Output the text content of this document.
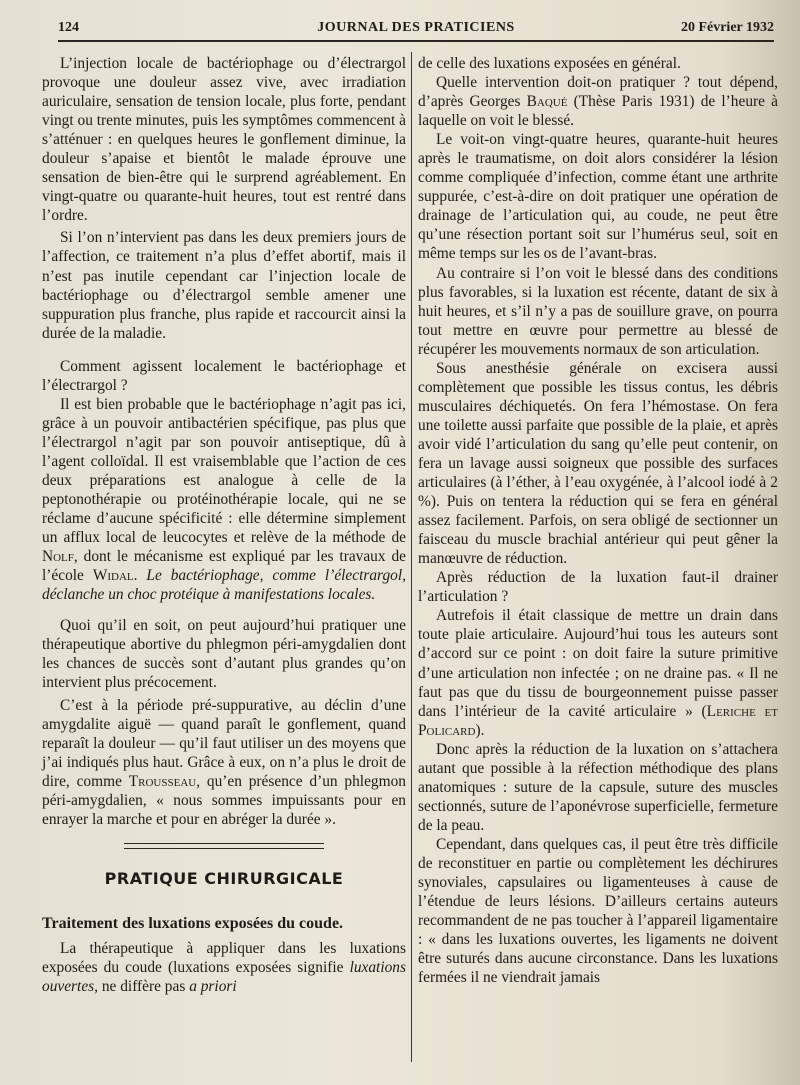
124	JOURNAL DES PRATICIENS	20 Février 1932

L’injection locale de bactériophage ou d’électrargol provoque une douleur assez vive, avec irradiation auriculaire, sensation de tension locale, plus forte, pendant vingt ou trente minutes, puis les symptômes commencent à s’atténuer : en quelques heures le gonflement diminue, la douleur s’apaise et bientôt le malade éprouve une sensation de bien-être qui le surprend agréablement. En vingt-quatre ou quarante-huit heures, tout est rentré dans l’ordre.

Si l’on n’intervient pas dans les deux premiers jours de l’affection, ce traitement n’a plus d’effet abortif, mais il n’est pas inutile cependant car l’injection locale de bactériophage ou d’électrargol semble amener une suppuration plus franche, plus rapide et raccourcit ainsi la durée de la maladie.

Comment agissent localement le bactériophage et l’électrargol ?

Il est bien probable que le bactériophage n’agit pas ici, grâce à un pouvoir antibactérien spécifique, pas plus que l’électrargol n’agit par son pouvoir antiseptique, dû à l’agent colloïdal. Il est vraisemblable que l’action de ces deux préparations est analogue à celle de la peptonothérapie ou protéinothérapie locale, qui ne se réclame d’aucune spécificité : elle détermine simplement un afflux local de leucocytes et relève de la méthode de Nolf, dont le mécanisme est expliqué par les travaux de l’école Widal. Le bactériophage, comme l’électrargol, déclanche un choc protéique à manifestations locales.

Quoi qu’il en soit, on peut aujourd’hui pratiquer une thérapeutique abortive du phlegmon péri-amygdalien dont les chances de succès sont d’autant plus grandes qu’on intervient plus précocement.

C’est à la période pré-suppurative, au déclin d’une amygdalite aiguë — quand paraît le gonflement, quand reparaît la douleur — qu’il faut utiliser un des moyens que j’ai indiqués plus haut. Grâce à eux, on n’a plus le droit de dire, comme Trousseau, qu’en présence d’un phlegmon péri-amygdalien, « nous sommes impuissants pour en enrayer la marche et pour en abréger la durée ».

PRATIQUE CHIRURGICALE
Traitement des luxations exposées du coude.

La thérapeutique à appliquer dans les luxations exposées du coude (luxations exposées signifie luxations ouvertes, ne diffère pas a priori

de celle des luxations exposées en général.

Quelle intervention doit-on pratiquer ? tout dépend, d’après Georges Baqué (Thèse Paris 1931) de l’heure à laquelle on voit le blessé.

Le voit-on vingt-quatre heures, quarante-huit heures après le traumatisme, on doit alors considérer la lésion comme compliquée d’infection, comme étant une arthrite suppurée, c’est-à-dire on doit pratiquer une opération de drainage de l’articulation qui, au coude, ne peut être qu’une résection portant soit sur l’humérus seul, soit en même temps sur les os de l’avant-bras.

Au contraire si l’on voit le blessé dans des conditions plus favorables, si la luxation est récente, datant de six à huit heures, et s’il n’y a pas de souillure grave, on pourra tout mettre en œuvre pour permettre au blessé de récupérer les mouvements normaux de son articulation.

Sous anesthésie générale on excisera aussi complètement que possible les tissus contus, les débris musculaires déchiquetés. On fera l’hémostase. On fera une toilette aussi parfaite que possible de la plaie, et après avoir vidé l’articulation du sang qu’elle peut contenir, on fera un lavage aussi soigneux que possible des surfaces articulaires (à l’éther, à l’eau oxygénée, à l’alcool iodé à 2 %). Puis on tentera la réduction qui se fera en général assez facilement. Parfois, on sera obligé de sectionner un faisceau du muscle brachial antérieur qui peut gêner la manœuvre de réduction.

Après réduction de la luxation faut-il drainer l’articulation ?

Autrefois il était classique de mettre un drain dans toute plaie articulaire. Aujourd’hui tous les auteurs sont d’accord sur ce point : on doit faire la suture primitive d’une articulation non infectée ; on ne draine pas. « Il ne faut pas que du tissu de bourgeonnement puisse passer dans l’intérieur de la cavité articulaire » (Leriche et Policard).

Donc après la réduction de la luxation on s’attachera autant que possible à la réfection méthodique des plans anatomiques : suture de la capsule, suture des muscles sectionnés, suture de l’aponévrose superficielle, fermeture de la peau.

Cependant, dans quelques cas, il peut être très difficile de reconstituer en partie ou complètement les déchirures synoviales, capsulaires ou ligamenteuses à cause de l’étendue de leurs lésions. D’ailleurs certains auteurs recommandent de ne pas toucher à l’appareil ligamentaire : « dans les luxations ouvertes, les ligaments ne doivent être suturés dans aucune circonstance. Dans les luxations fermées il ne viendrait jamais
